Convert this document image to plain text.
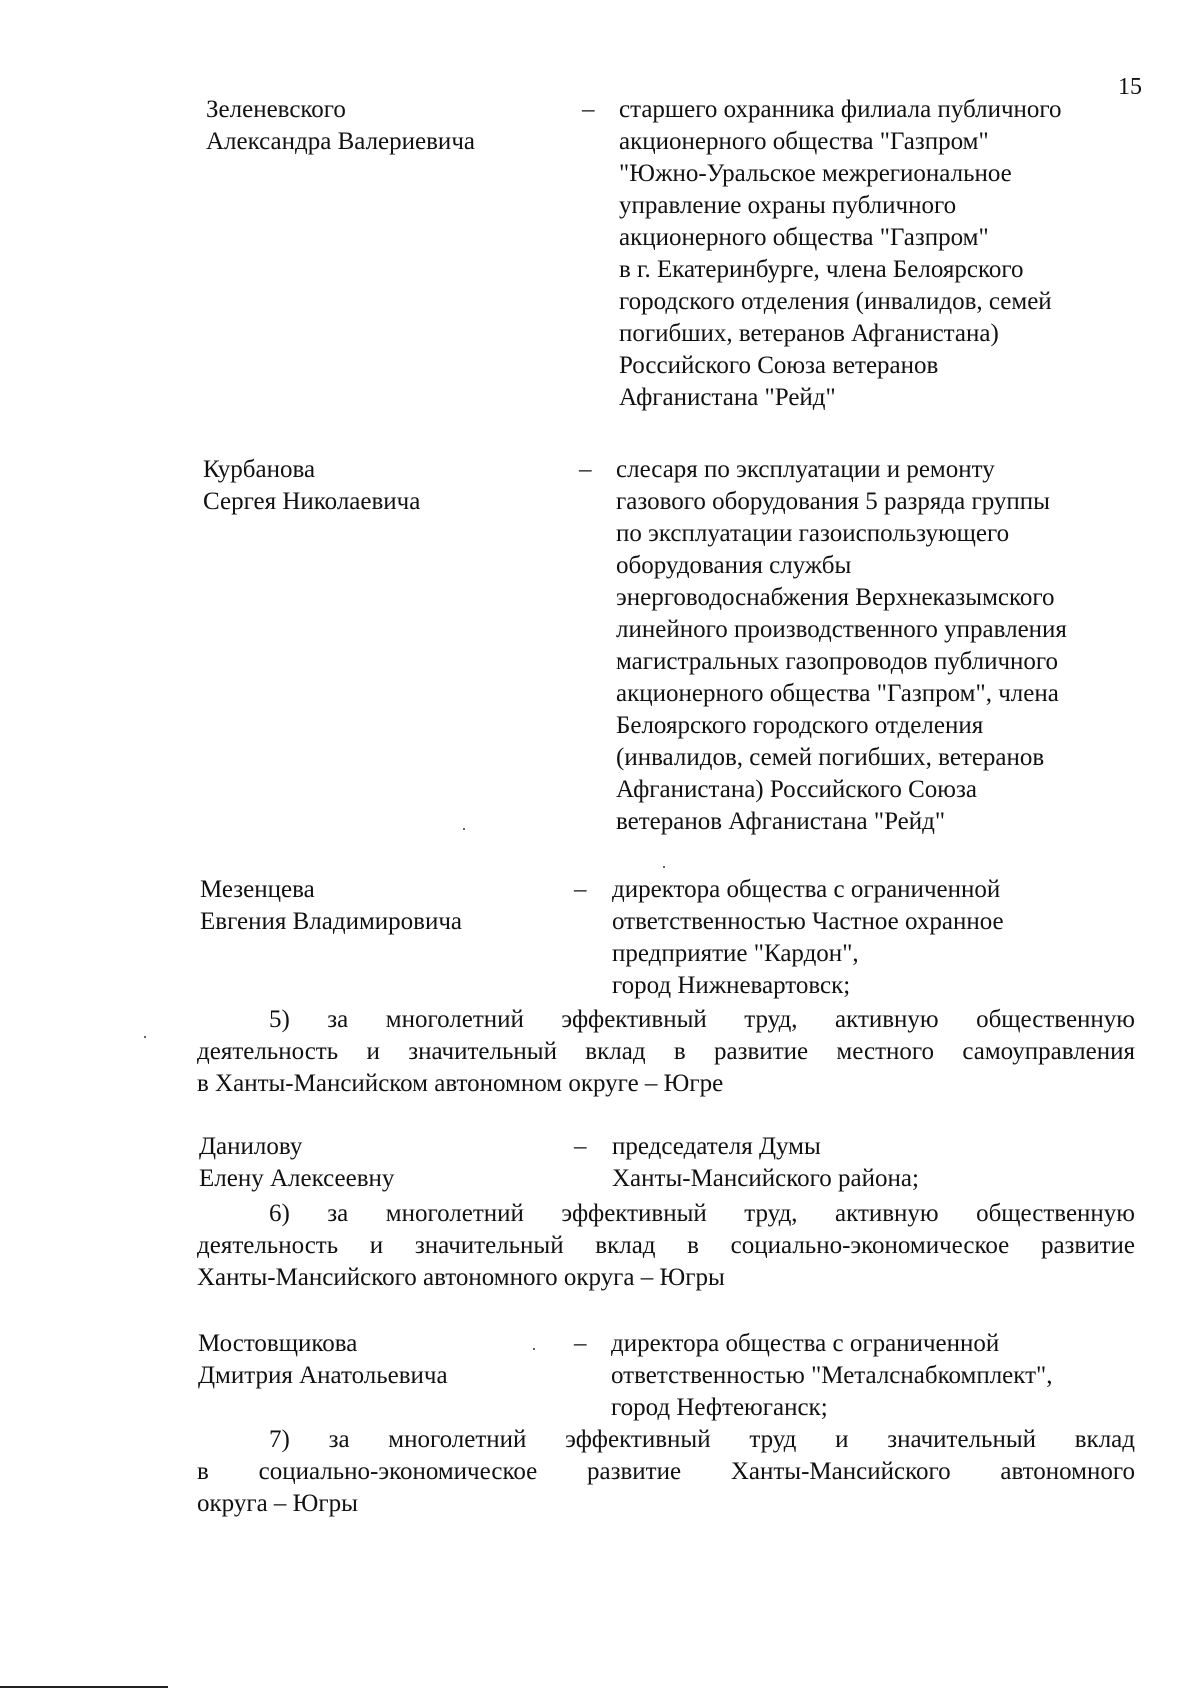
15
Зеленевского
Александра Валериевича
– старшего охранника филиала публичного
акционерного общества "Газпром"
"Южно-Уральское межрегиональное
управление охраны публичного
акционерного общества "Газпром"
в г. Екатеринбурге, члена Белоярского
городского отделения (инвалидов, семей
погибших, ветеранов Афганистана)
Российского Союза ветеранов
Афганистана "Рейд"
Курбанова
Сергея Николаевича
– слесаря по эксплуатации и ремонту
газового оборудования 5 разряда группы
по эксплуатации газоиспользующего
оборудования службы
энерговодоснабжения Верхнеказымского
линейного производственного управления
магистральных газопроводов публичного
акционерного общества "Газпром", члена
Белоярского городского отделения
(инвалидов, семей погибших, ветеранов
Афганистана) Российского Союза
ветеранов Афганистана "Рейд"
Мезенцева
Евгения Владимировича
– директора общества с ограниченной
ответственностью Частное охранное
предприятие "Кардон",
город Нижневартовск;
5) за многолетний эффективный труд, активную общественную
деятельность и значительный вклад в развитие местного самоуправления
в Ханты-Мансийском автономном округе – Югре
Данилову
Елену Алексеевну
– председателя Думы
Ханты-Мансийского района;
6) за многолетний эффективный труд, активную общественную
деятельность и значительный вклад в социально-экономическое развитие
Ханты-Мансийского автономного округа – Югры
Мостовщикова
Дмитрия Анатольевича
– директора общества с ограниченной
ответственностью "Металснабкомплект",
город Нефтеюганск;
7) за многолетний эффективный труд и значительный вклад
в социально-экономическое развитие Ханты-Мансийского автономного
округа – Югры
